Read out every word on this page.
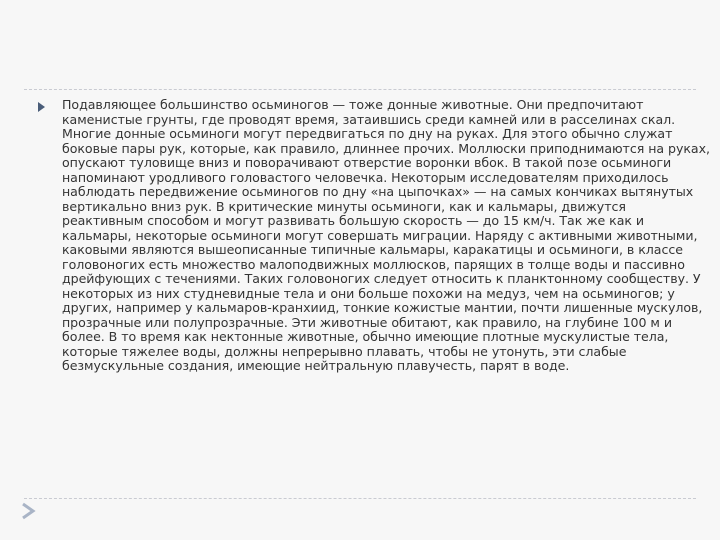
Подавляющее большинство осьминогов — тоже донные животные. Они предпочитают каменистые грунты, где проводят время, затаившись среди камней или в расселинах скал. Многие донные осьминоги могут передвигаться по дну на руках. Для этого обычно служат боковые пары рук, которые, как правило, длиннее прочих. Моллюски приподнимаются на руках, опускают туловище вниз и поворачивают отверстие воронки вбок. В такой позе осьминоги напоминают уродливого головастого человечка. Некоторым исследователям приходилось наблюдать передвижение осьминогов по дну «на цыпочках» — на самых кончиках вытянутых вертикально вниз рук. В критические минуты осьминоги, как и кальмары, движутся реактивным способом и могут развивать большую скорость — до 15 км/ч. Так же как и кальмары, некоторые осьминоги могут совершать миграции. Наряду с активными животными, каковыми являются вышеописанные типичные кальмары, каракатицы и осьминоги, в классе головоногих есть множество малоподвижных моллюсков, парящих в толще воды и пассивно дрейфующих с течениями. Таких головоногих следует относить к планктонному сообществу. У некоторых из них студневидные тела и они больше похожи на медуз, чем на осьминогов; у других, например у кальмаров-кранхиид, тонкие кожистые мантии, почти лишенные мускулов, прозрачные или полупрозрачные. Эти животные обитают, как правило, на глубине 100 м и более. В то время как нектонные животные, обычно имеющие плотные мускулистые тела, которые тяжелее воды, должны непрерывно плавать, чтобы не утонуть, эти слабые безмускульные создания, имеющие нейтральную плавучесть, парят в воде.
